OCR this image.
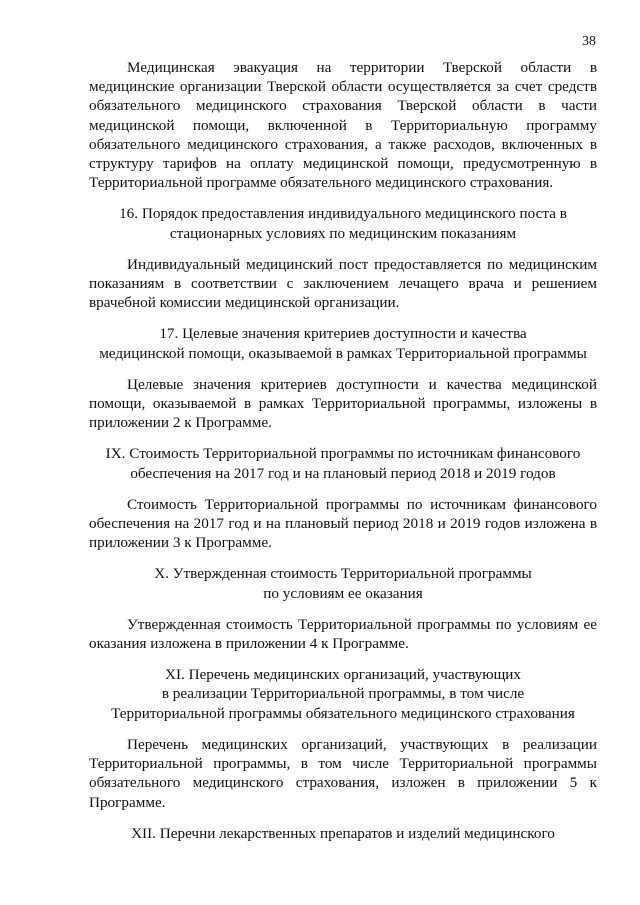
38

Медицинская эвакуация на территории Тверской области в медицинские организации Тверской области осуществляется за счет средств обязательного медицинского страхования Тверской области в части медицинской помощи, включенной в Территориальную программу обязательного медицинского страхования, а также расходов, включенных в структуру тарифов на оплату медицинской помощи, предусмотренную в Территориальной программе обязательного медицинского страхования.

16. Порядок предоставления индивидуального медицинского поста в
стационарных условиях по медицинским показаниям

Индивидуальный медицинский пост предоставляется по медицинским показаниям в соответствии с заключением лечащего врача и решением врачебной комиссии медицинской организации.

17. Целевые значения критериев доступности и качества
медицинской помощи, оказываемой в рамках Территориальной программы

Целевые значения критериев доступности и качества медицинской помощи, оказываемой в рамках Территориальной программы, изложены в приложении 2 к Программе.

IX. Стоимость Территориальной программы по источникам финансового
обеспечения на 2017 год и на плановый период 2018 и 2019 годов

Стоимость Территориальной программы по источникам финансового обеспечения на 2017 год и на плановый период 2018 и 2019 годов изложена в приложении 3 к Программе.

X. Утвержденная стоимость Территориальной программы
по условиям ее оказания

Утвержденная стоимость Территориальной программы по условиям ее оказания изложена в приложении 4 к Программе.

XI. Перечень медицинских организаций, участвующих
в реализации Территориальной программы, в том числе
Территориальной программы обязательного медицинского страхования

Перечень медицинских организаций, участвующих в реализации Территориальной программы, в том числе Территориальной программы обязательного медицинского страхования, изложен в приложении 5 к Программе.

XII. Перечни лекарственных препаратов и изделий медицинского
